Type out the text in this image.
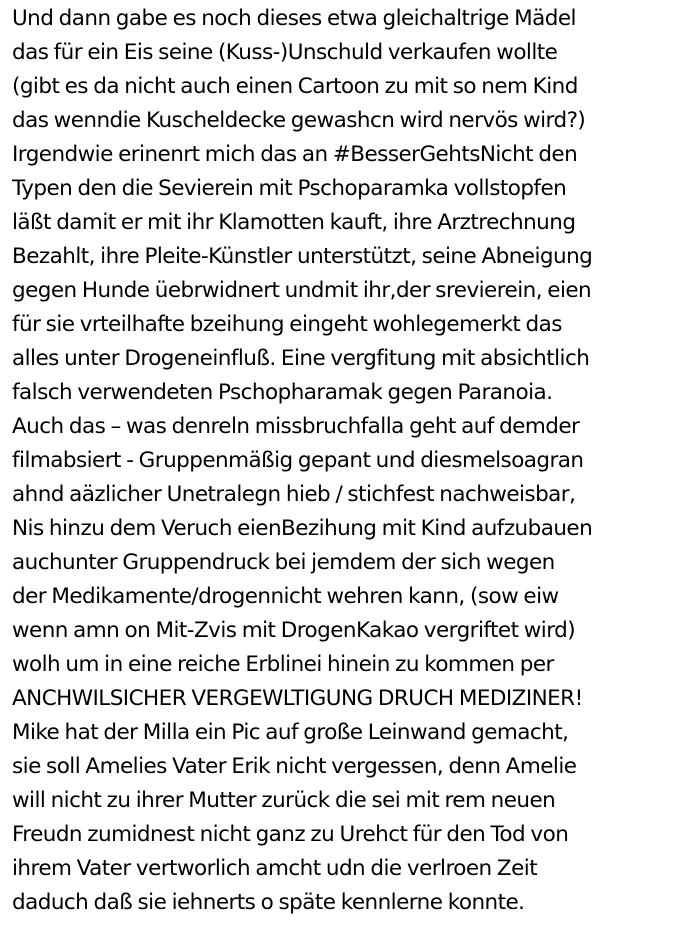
Und dann gabe es noch dieses etwa gleichaltrige Mädel
das für ein Eis seine (Kuss-)Unschuld verkaufen wollte
(gibt es da nicht auch einen Cartoon zu mit so nem Kind
das wenndie Kuscheldecke gewashcn wird nervös wird?)
Irgendwie erinenrt mich das an #BesserGehtsNicht den
Typen den die Sevierein mit Pschoparamka vollstopfen
läßt damit er mit ihr Klamotten kauft, ihre Arztrechnung
Bezahlt, ihre Pleite-Künstler unterstützt, seine Abneigung
gegen Hunde üebrwidnert undmit ihr,der srevierein, eien
für sie vrteilhafte bzeihung eingeht wohlegemerkt das
alles unter Drogeneinfluß. Eine vergfitung mit absichtlich
falsch verwendeten Pschopharamak gegen Paranoia.
Auch das – was denreln missbruchfalla geht auf demder
filmabsiert - Gruppenmäßig gepant und diesmelsoagran
ahnd aäzlicher Unetralegn hieb / stichfest nachweisbar,
Nis hinzu dem Veruch eienBezihung mit Kind aufzubauen
auchunter Gruppendruck bei jemdem der sich wegen
der Medikamente/drogennicht wehren kann, (sow eiw
wenn amn on Mit-Zvis mit DrogenKakao vergriftet wird)
wolh um in eine reiche Erblinei hinein zu kommen per
ANCHWILSICHER VERGEWLTIGUNG DRUCH MEDIZINER!
Mike hat der Milla ein Pic auf große Leinwand gemacht,
sie soll Amelies Vater Erik nicht vergessen, denn Amelie
will nicht zu ihrer Mutter zurück die sei mit rem neuen
Freudn zumidnest nicht ganz zu Urehct für den Tod von
ihrem Vater vertworlich amcht udn die verlroen Zeit
daduch daß sie iehnerts o späte kennlerne konnte.
